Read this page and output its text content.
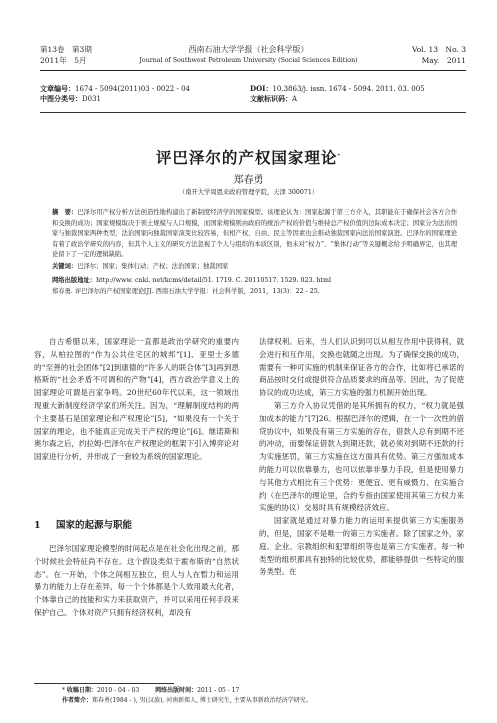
第13卷　第3期
2011年　5月
西南石油大学学报（社会科学版）
Journal of Southwest Petroleum University (Social Sciences Edition)
Vol. 13　No. 3
May.　2011
文章编号：1674 - 5094(2011)03 - 0022 - 04
中图分类号：D031
DOI：10.3863/j. issn. 1674 - 5094. 2011. 03. 005
文献标识码：A
评巴泽尔的产权国家理论*
郑春勇
（南开大学周恩来政府管理学院，天津 300071）
摘　要：巴泽尔用产权分析方法创造性地构建出了新制度经济学的国家模型。该理论认为：国家起源于第三方介入，其职能在于确保社会各方合作和交换的成功；国家规模取决于领土规模与人口规模，而国家规模则由政府的统治产权的价值与维持总产权价值的边际成本决定；国家分为法治国家与独裁国家两种类型，法治国家向独裁国家演变比较容易，但相产权、自由、民主等因素也会推动独裁国家向法治国家演进。巴泽尔的国家理论有着了政治学研究的内容，但其个人主义的研究方法忽视了个人与组织的本质区别，他未对“权力”、“集体行动”等关键概念给予明确界定，也其理论留下了一定的逻辑缺陷。
关键词：巴泽尔；国家；集体行动；产权；法治国家；独裁国家
网络出版地址：http://www. cnki. net/kcms/detail/51. 1719. C. 20110517. 1529. 023. html
郑春勇. 评巴泽尔的产权国家理论[J]. 西南石油大学学报：社会科学版，2011，13(3)：22 - 25.

自古希腊以来，国家理论一直都是政治学研究的重要内容，从柏拉图的“作为公共住宅区的城邦”[1]、亚里士多德的“至善的社会团体”[2]到康德的“许多人的联合体”[3]再到恩格斯的“社会矛盾不可调和的产物”[4]，西方政治学意义上的国家理论可谓是百家争鸣。20世纪60年代以来，这一领域出现重大新制度经济学家们所关注。因为，“理解制度结构的两个主要基石是国家理论和产权理论”[5]，“如果没有一个关于国家的理论，也不能真正完成关于产权的理论”[6]。继诺斯和奥尔森之后，约拉姆·巴泽尔在产权理论的框架下引入博弈论对国家进行分析，并形成了一套较为系统的国家理论。

1 国家的起源与职能

巴泽尔国家理论模型的时间起点是在社会化出现之前，那个时候社会特征尚不存在。这个假设类似于霍布斯的“自然状态”。在一开始，个体之间相互独立，但人与人在暂力和运用暴力的能力上存在差异，每一个个体都是个人效用最大化者，个体靠自己的技能和实力来获取资产，并可以采用任何手段来保护自己。个体对资产只拥有经济权利，却没有

法律权利。后来，当人们认识到可以从相互作用中获得利，就会进行和互作用，交换也就随之出现。为了确保交换的成功，需要有一种可实施的机制来保证各方的合作，比如将已承诺的商品按时交付或提供符合品质要求的商品等。因此，为了促使协议的成功达成，第三方实施的强力机制开始出现。

第三方介入协议凭借的是其所拥有的权力，“权力就是强加成本的能力”[7]26。根据巴泽尔的逻辑，在一个一次性的借贷协议中，如果没有第三方实施的存在，借款人总有到期不还的冲动，而要保证借款人到期还款，就必须对到期不还款的行为实施惩罚，第三方实施在这方面具有优势。第三方强加成本的能力可以依靠暴力，也可以依靠非暴力手段，但是使用暴力与其他方式相比有三个优势：更便宜、更有威慑力、在实施合约（在巴泽尔的理论里，合约专指由国家使用其第三方权力来实施的协议）交易时具有规模经济效应。

国家就是通过对暴力能力的运用来提供第三方实施服务的，但是，国家不是唯一的第三方实施者。除了国家之外，家庭、企业、宗教组织和犯罪组织等也是第三方实施者。每一种类型的组织都具有独特的比较优势，都能够提供一些特定的服务类型。在

* 收稿日期：2010 - 04 - 03	网络出版时间：2011 - 05 - 17
作者简介：郑春勇(1984 - ), 男(汉族), 河南新郑人, 博士研究生, 主要从事新政治经济学研究。
